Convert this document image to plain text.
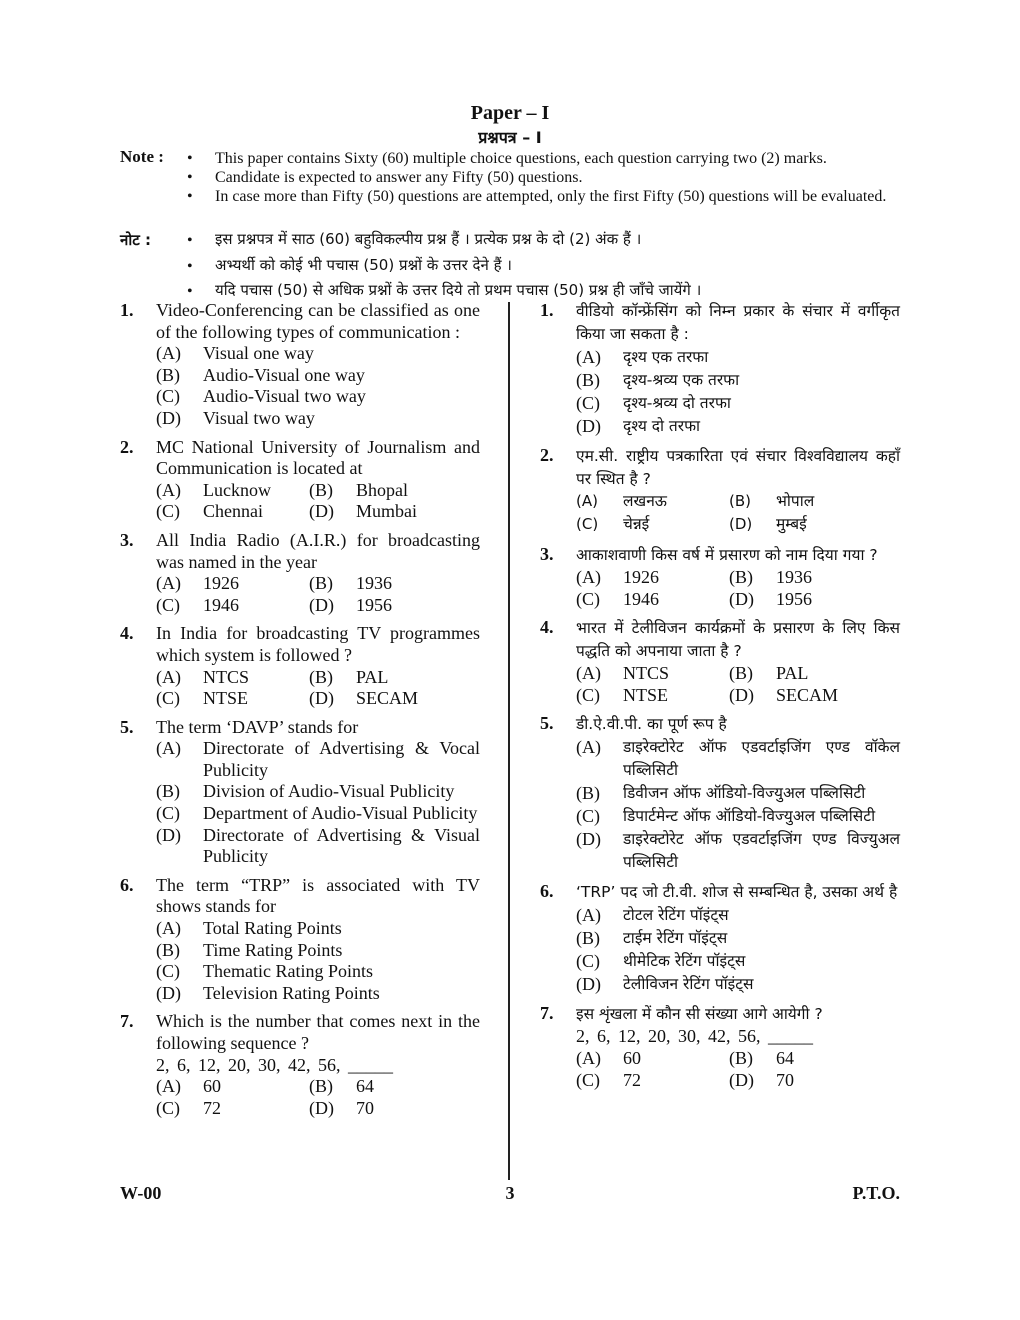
Paper – I
प्रश्नपत्र – I
Note : • This paper contains Sixty (60) multiple choice questions, each question carrying two (2) marks.
• Candidate is expected to answer any Fifty (50) questions.
• In case more than Fifty (50) questions are attempted, only the first Fifty (50) questions will be evaluated.
नोट : • इस प्रश्नपत्र में साठ (60) बहुविकल्पीय प्रश्न हैं । प्रत्येक प्रश्न के दो (2) अंक हैं ।
• अभ्यर्थी को कोई भी पचास (50) प्रश्नों के उत्तर देने हैं ।
• यदि पचास (50) से अधिक प्रश्नों के उत्तर दिये तो प्रथम पचास (50) प्रश्न ही जाँचे जायेंगे ।
1. Video-Conferencing can be classified as one of the following types of communication :
(A) Visual one way
(B) Audio-Visual one way
(C) Audio-Visual two way
(D) Visual two way
2. MC National University of Journalism and Communication is located at
(A) Lucknow (B) Bhopal
(C) Chennai	(D) Mumbai
3. All India Radio (A.I.R.) for broadcasting was named in the year
(A) 1926	(B) 1936
(C) 1946	(D) 1956
4. In India for broadcasting TV programmes which system is followed ?
(A) NTCS	(B) PAL
(C) NTSE	(D) SECAM
5. The term ‘DAVP’ stands for
(A) Directorate of Advertising & Vocal Publicity
(B) Division of Audio-Visual Publicity
(C) Department of Audio-Visual Publicity
(D) Directorate of Advertising & Visual Publicity
6. The term “TRP” is associated with TV shows stands for
(A) Total Rating Points
(B) Time Rating Points
(C) Thematic Rating Points
(D) Television Rating Points
7. Which is the number that comes next in the following sequence ?
2, 6, 12, 20, 30, 42, 56, _____
(A) 60	(B) 64
(C) 72	(D) 70
1. वीडियो कॉन्फ्रेंसिंग को निम्न प्रकार के संचार में वर्गीकृत किया जा सकता है :
(A) दृश्य एक तरफा
(B) दृश्य-श्रव्य एक तरफा
(C) दृश्य-श्रव्य दो तरफा
(D) दृश्य दो तरफा
2. एम.सी. राष्ट्रीय पत्रकारिता एवं संचार विश्वविद्यालय कहाँ पर स्थित है ?
(A) लखनऊ	(B) भोपाल
(C) चेन्नई	(D) मुम्बई
3. आकाशवाणी किस वर्ष में प्रसारण को नाम दिया गया ?
(A) 1926	(B) 1936
(C) 1946	(D) 1956
4. भारत में टेलीविजन कार्यक्रमों के प्रसारण के लिए किस पद्धति को अपनाया जाता है ?
(A) NTCS	(B) PAL
(C) NTSE	(D) SECAM
5. डी.ऐ.वी.पी. का पूर्ण रूप है
(A) डाइरेक्टोरेट ऑफ एडवर्टाइजिंग एण्ड वॉकेल पब्लिसिटी
(B) डिवीजन ऑफ ऑडियो-विज्युअल पब्लिसिटी
(C) डिपार्टमेन्ट ऑफ ऑडियो-विज्युअल पब्लिसिटी
(D) डाइरेक्टोरेट ऑफ एडवर्टाइजिंग एण्ड विज्युअल पब्लिसिटी
6. ‘TRP’ पद जो टी.वी. शोज से सम्बन्धित है, उसका अर्थ है
(A) टोटल रेटिंग पॉइंट्स
(B) टाईम रेटिंग पॉइंट्स
(C) थीमेटिक रेटिंग पॉइंट्स
(D) टेलीविजन रेटिंग पॉइंट्स
7. इस शृंखला में कौन सी संख्या आगे आयेगी ?
2, 6, 12, 20, 30, 42, 56, _____
(A) 60	(B) 64
(C) 72	(D) 70
W-00	3	P.T.O.
